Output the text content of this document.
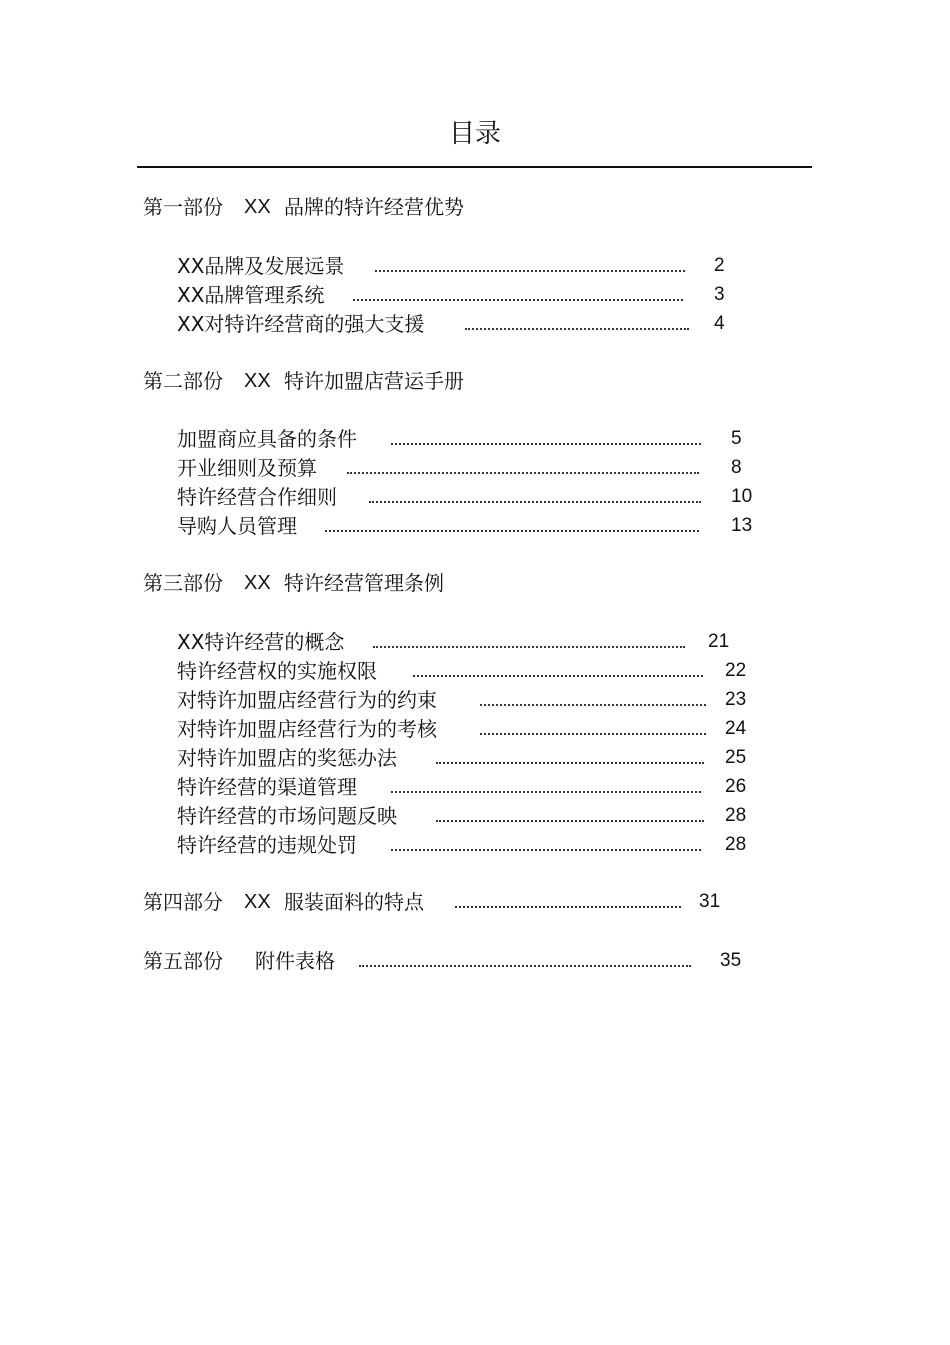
目录
第一部份 XX 品牌的特许经营优势
XX品牌及发展远景	2
XX品牌管理系统	3
XX对特许经营商的强大支援	4
第二部份 XX 特许加盟店营运手册
加盟商应具备的条件	5
开业细则及预算	8
特许经营合作细则	10
导购人员管理	13
第三部份 XX 特许经营管理条例
XX特许经营的概念	21
特许经营权的实施权限	22
对特许加盟店经营行为的约束	23
对特许加盟店经营行为的考核	24
对特许加盟店的奖惩办法	25
特许经营的渠道管理	26
特许经营的市场问题反映	28
特许经营的违规处罚	28
第四部分 XX 服装面料的特点	31
第五部份 附件表格	35
